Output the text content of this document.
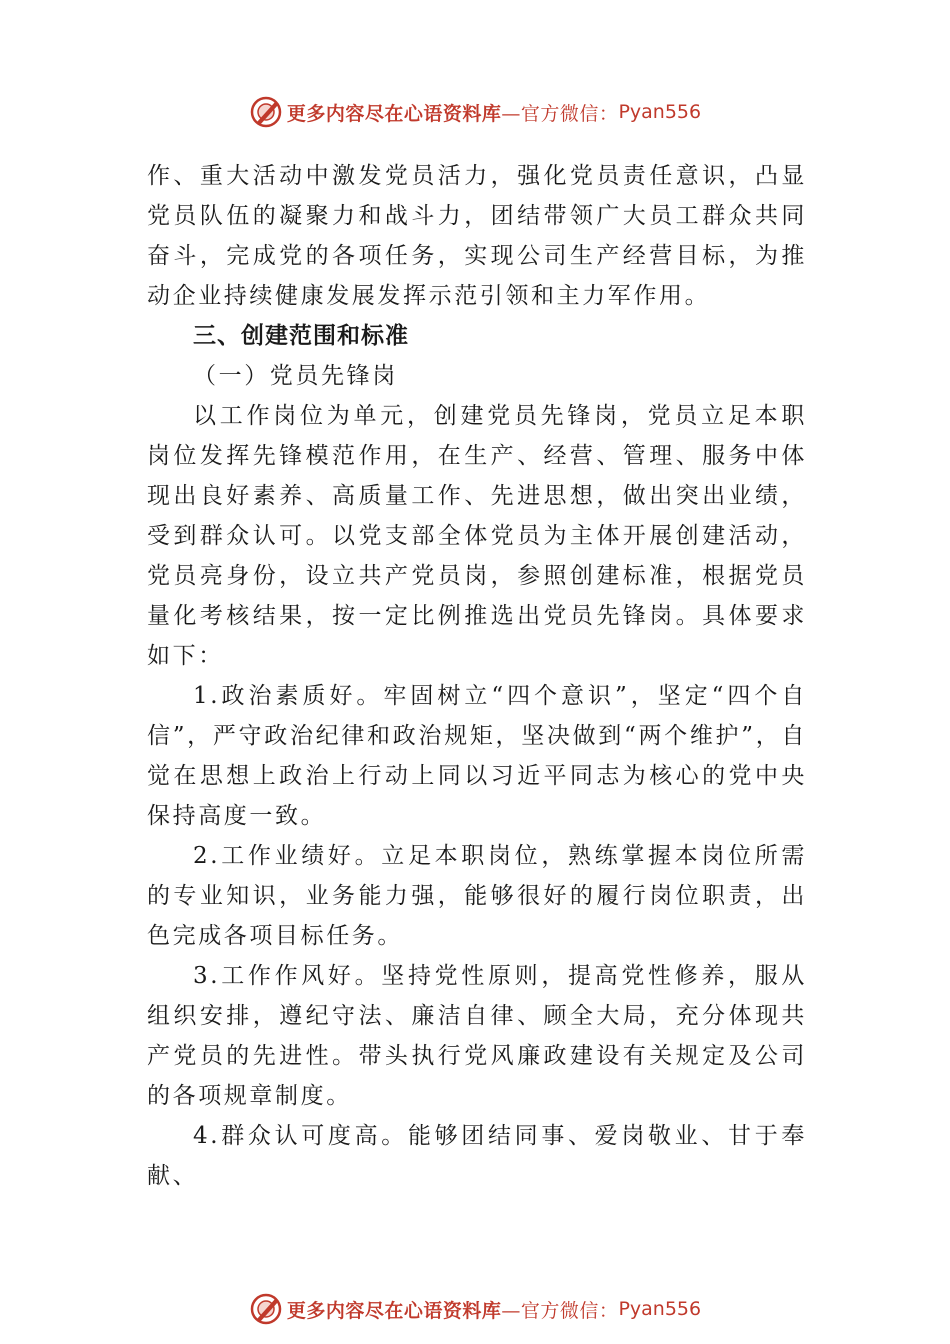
更多内容尽在心语资料库 —官方微信： Pyan556

作、重大活动中激发党员活力，强化党员责任意识，凸显党员队伍的凝聚力和战斗力，团结带领广大员工群众共同奋斗，完成党的各项任务，实现公司生产经营目标，为推动企业持续健康发展发挥示范引领和主力军作用。

三、创建范围和标准

（一）党员先锋岗

以工作岗位为单元，创建党员先锋岗，党员立足本职岗位发挥先锋模范作用，在生产、经营、管理、服务中体现出良好素养、高质量工作、先进思想，做出突出业绩，受到群众认可。以党支部全体党员为主体开展创建活动，党员亮身份，设立共产党员岗，参照创建标准，根据党员量化考核结果，按一定比例推选出党员先锋岗。具体要求如下：

1.政治素质好。牢固树立“四个意识”，坚定“四个自信”，严守政治纪律和政治规矩，坚决做到“两个维护”，自觉在思想上政治上行动上同以习近平同志为核心的党中央保持高度一致。

2.工作业绩好。立足本职岗位，熟练掌握本岗位所需的专业知识，业务能力强，能够很好的履行岗位职责，出色完成各项目标任务。

3.工作作风好。坚持党性原则，提高党性修养，服从组织安排，遵纪守法、廉洁自律、顾全大局，充分体现共产党员的先进性。带头执行党风廉政建设有关规定及公司的各项规章制度。

4.群众认可度高。能够团结同事、爱岗敬业、甘于奉献、

更多内容尽在心语资料库 —官方微信： Pyan556
